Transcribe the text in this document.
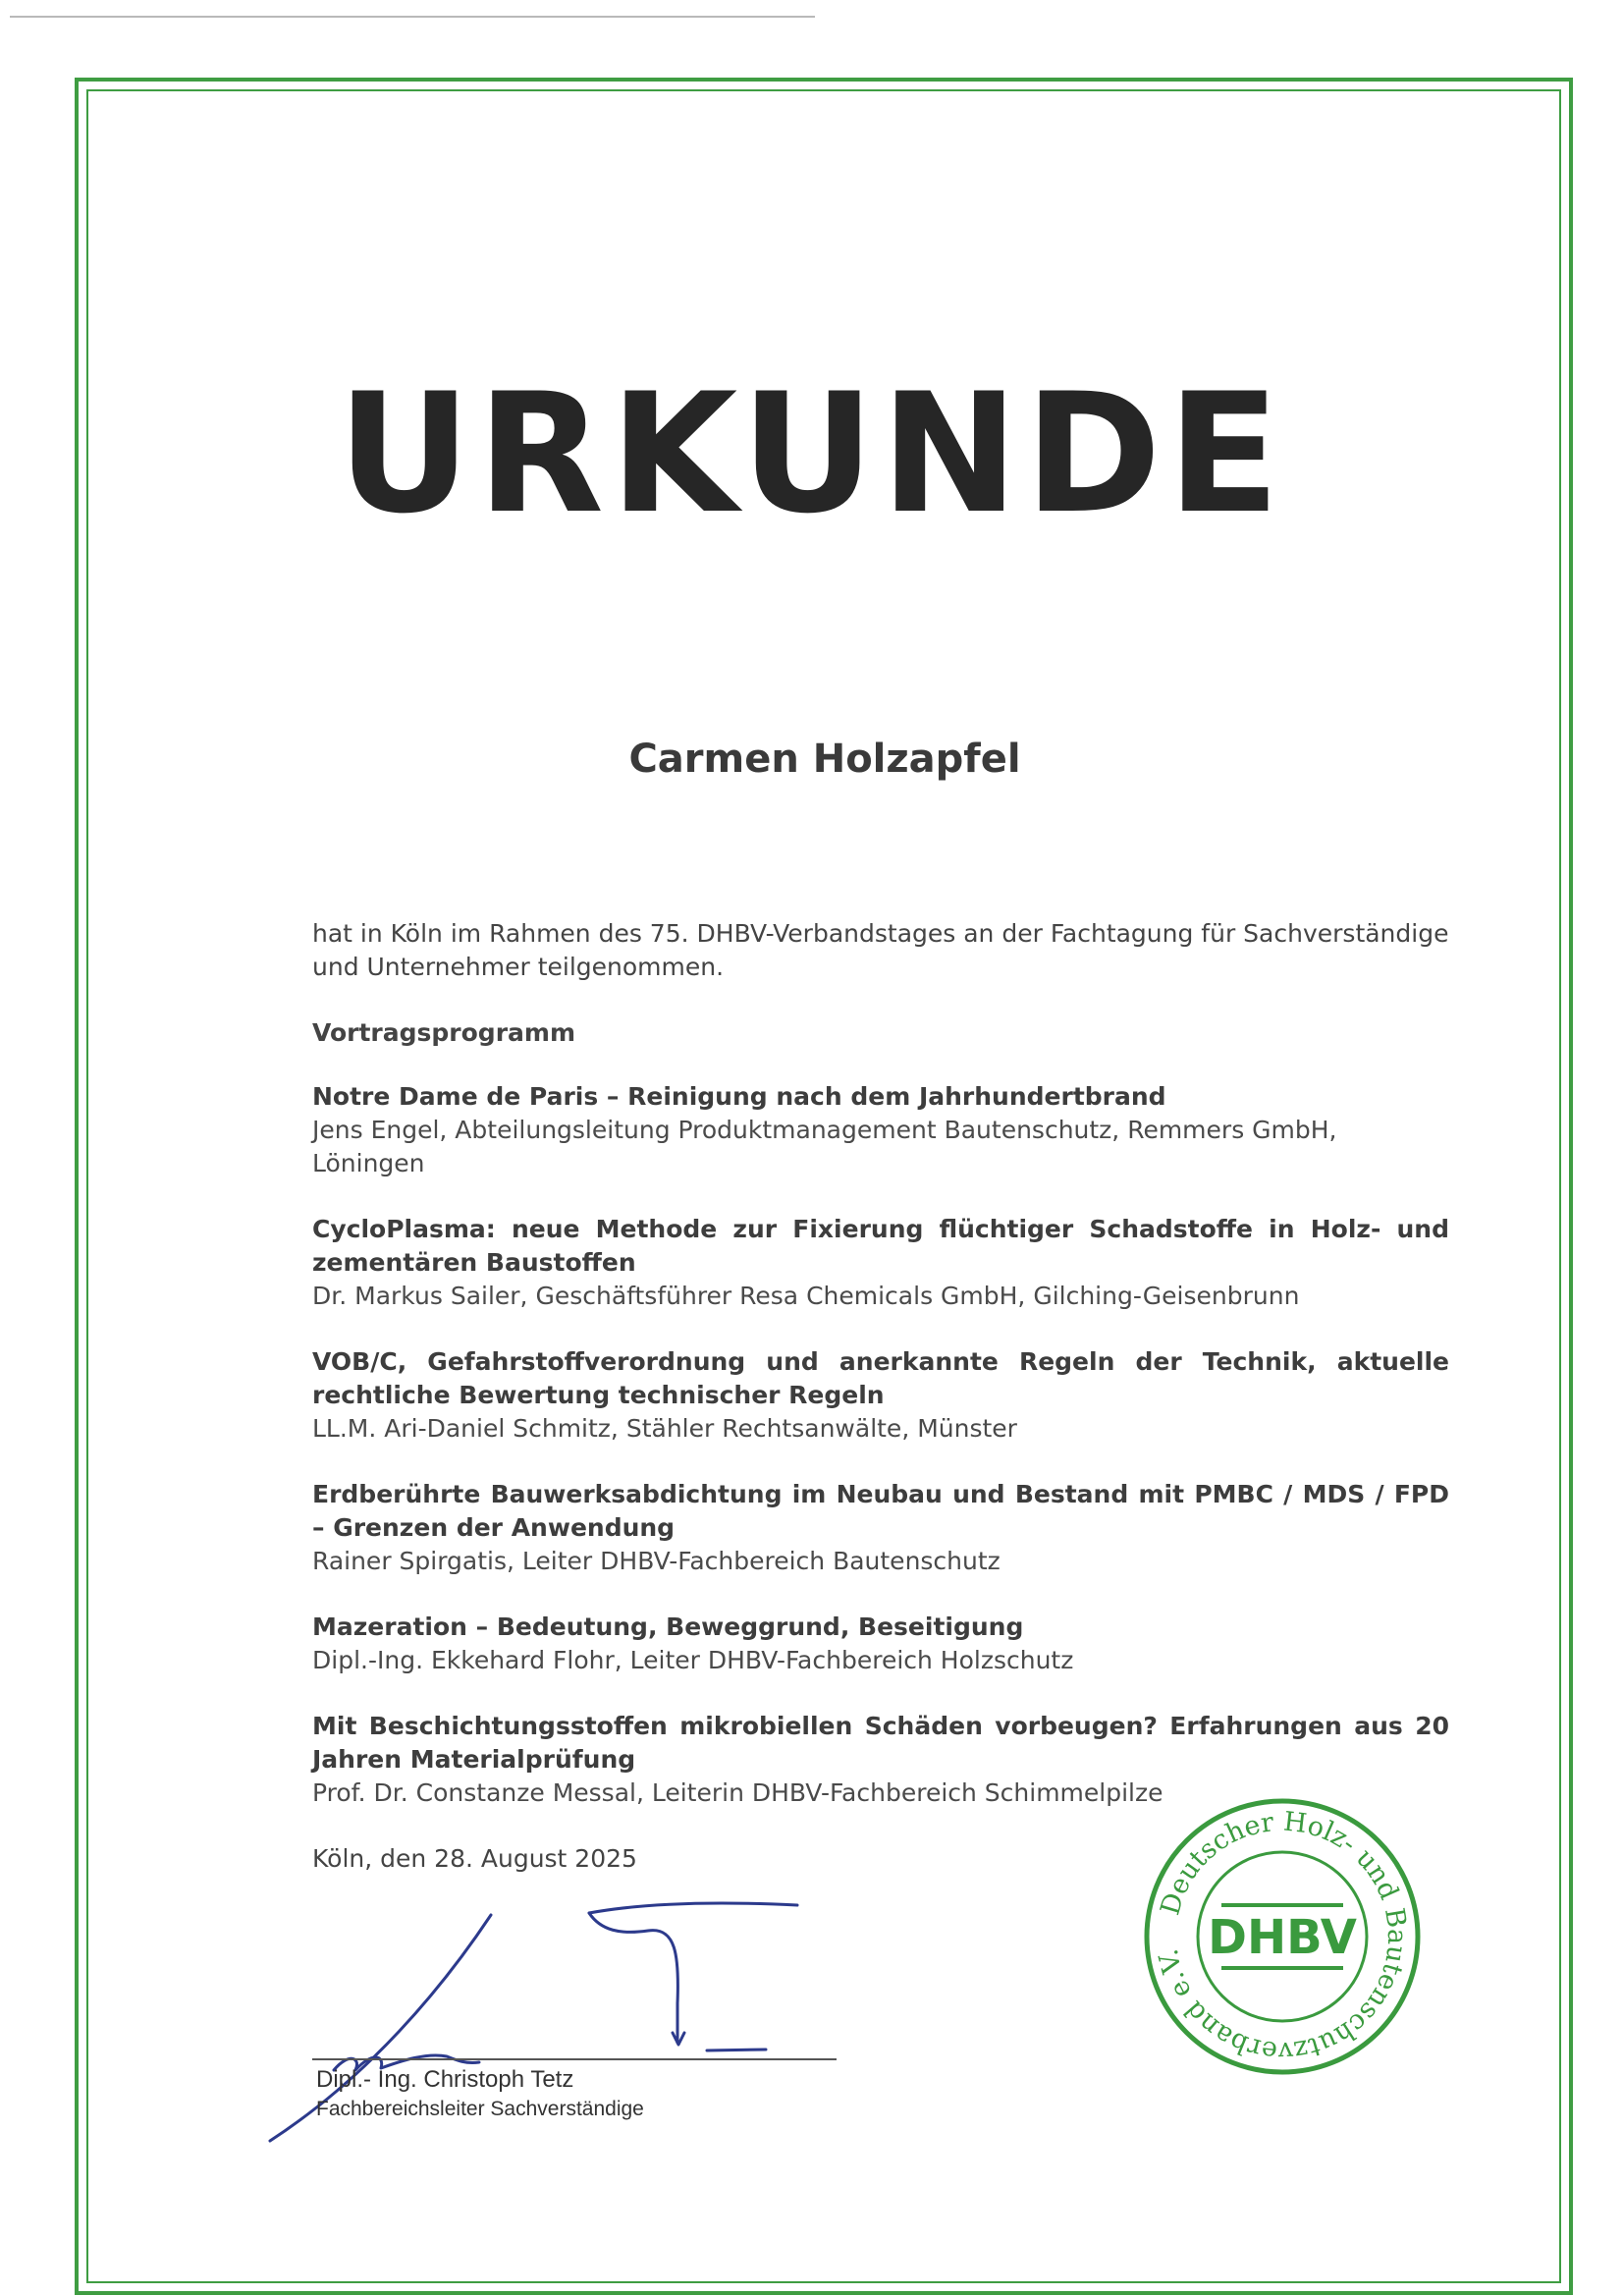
URKUNDE
Carmen Holzapfel

hat in Köln im Rahmen des 75. DHBV-Verbandstages an der Fachtagung für Sachverständige und Unternehmer teilgenommen.

Vortragsprogramm
Notre Dame de Paris – Reinigung nach dem Jahrhundertbrand
Jens Engel, Abteilungsleitung Produktmanagement Bautenschutz, Remmers GmbH, Löningen
CycloPlasma: neue Methode zur Fixierung flüchtiger Schadstoffe in Holz- und zementären Baustoffen
Dr. Markus Sailer, Geschäftsführer Resa Chemicals GmbH, Gilching-Geisenbrunn
VOB/C, Gefahrstoffverordnung und anerkannte Regeln der Technik, aktuelle rechtliche Bewertung technischer Regeln
LL.M. Ari-Daniel Schmitz, Stähler Rechtsanwälte, Münster
Erdberührte Bauwerksabdichtung im Neubau und Bestand mit PMBC / MDS / FPD – Grenzen der Anwendung
Rainer Spirgatis, Leiter DHBV-Fachbereich Bautenschutz
Mazeration – Bedeutung, Beweggrund, Beseitigung
Dipl.-Ing. Ekkehard Flohr, Leiter DHBV-Fachbereich Holzschutz
Mit Beschichtungsstoffen mikrobiellen Schäden vorbeugen? Erfahrungen aus 20 Jahren Materialprüfung
Prof. Dr. Constanze Messal, Leiterin DHBV-Fachbereich Schimmelpilze
Köln, den 28. August 2025
Dipl.- Ing. Christoph Tetz
Fachbereichsleiter Sachverständige
Deutscher Holz- und Bautenschutzverband e.V. DHBV
